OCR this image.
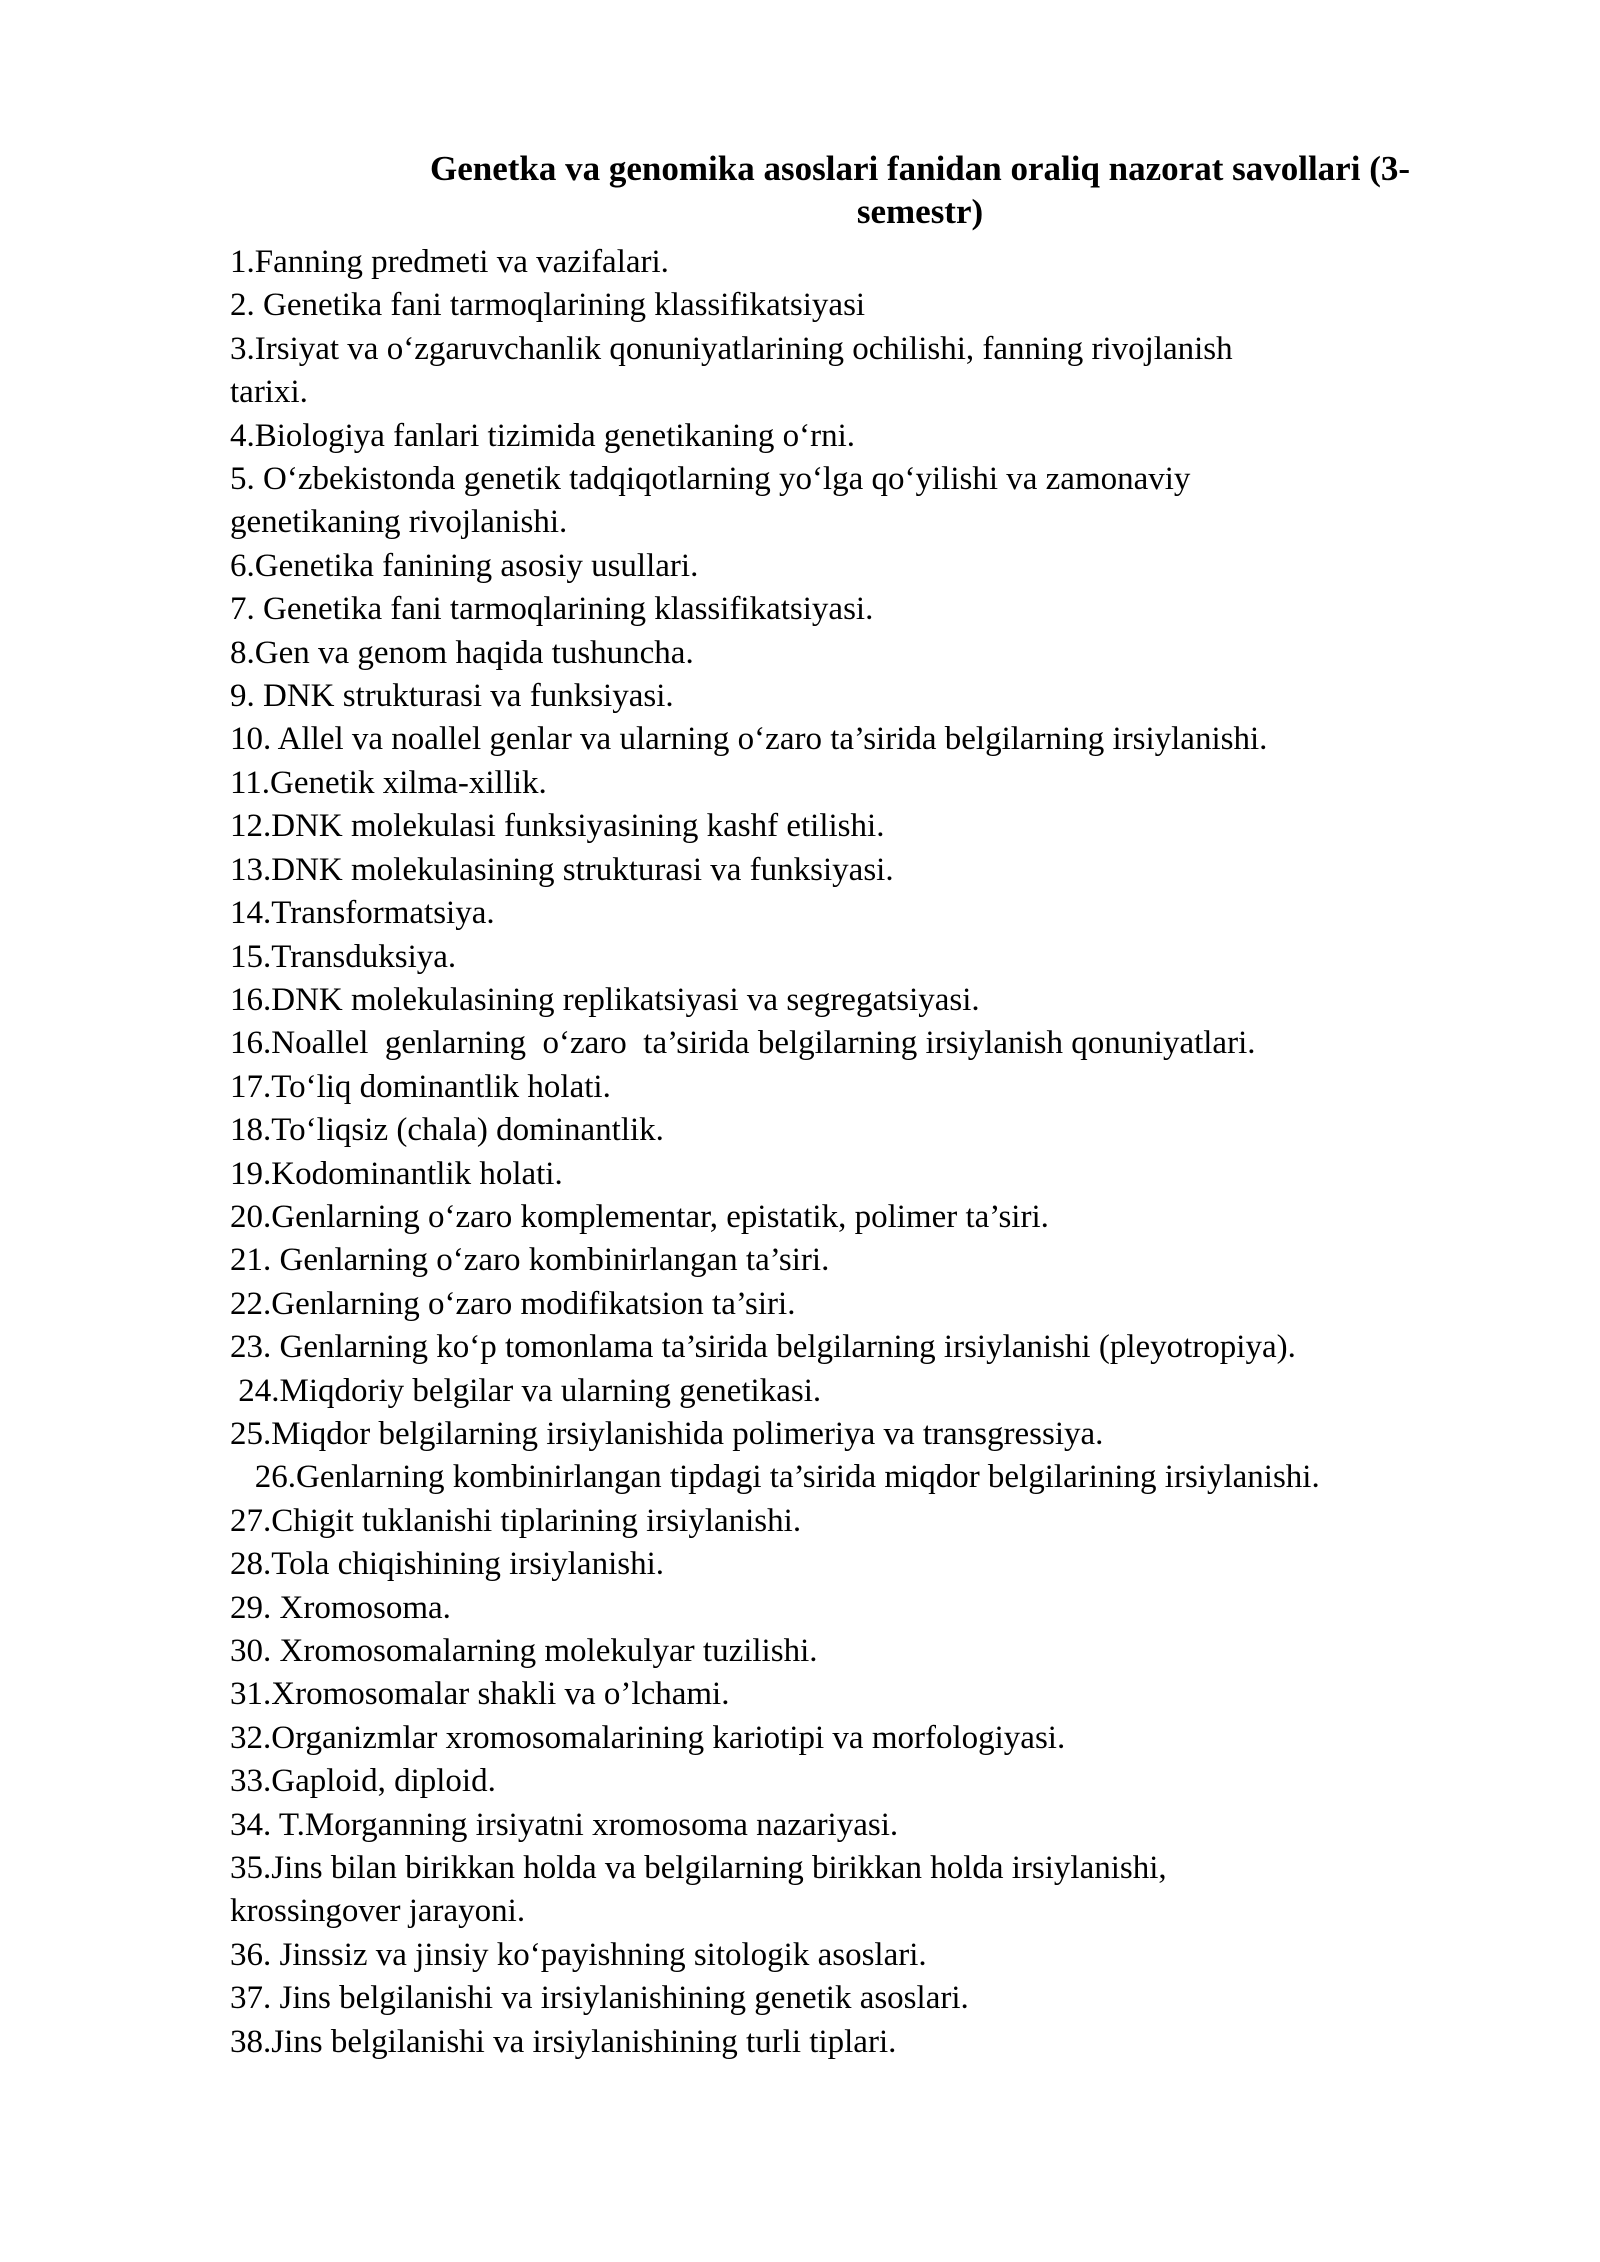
Genetka va genomika asoslari fanidan oraliq nazorat savollari (3-
semestr)
1.Fanning predmeti va vazifalari.
2. Genetika fani tarmoqlarining klassifikatsiyasi
3.Irsiyat va o‘zgaruvchanlik qonuniyatlarining ochilishi, fanning rivojlanish
tarixi.
4.Biologiya fanlari tizimida genetikaning o‘rni.
5. O‘zbekistonda genetik tadqiqotlarning yo‘lga qo‘yilishi va zamonaviy
genetikaning rivojlanishi.
6.Genetika fanining asosiy usullari.
7. Genetika fani tarmoqlarining klassifikatsiyasi.
8.Gen va genom haqida tushuncha.
9. DNK strukturasi va funksiyasi.
10. Allel va noallel genlar va ularning o‘zaro ta’sirida belgilarning irsiylanishi.
11.Genetik xilma-xillik.
12.DNK molekulasi funksiyasining kashf etilishi.
13.DNK molekulasining strukturasi va funksiyasi.
14.Transformatsiya.
15.Transduksiya.
16.DNK molekulasining replikatsiyasi va segregatsiyasi.
16.Noallel  genlarning  o‘zaro  ta’sirida belgilarning irsiylanish qonuniyatlari.
17.To‘liq dominantlik holati.
18.To‘liqsiz (chala) dominantlik.
19.Kodominantlik holati.
20.Genlarning o‘zaro komplementar, epistatik, polimer ta’siri.
21. Genlarning o‘zaro kombinirlangan ta’siri.
22.Genlarning o‘zaro modifikatsion ta’siri.
23. Genlarning ko‘p tomonlama ta’sirida belgilarning irsiylanishi (pleyotropiya).
24.Miqdoriy belgilar va ularning genetikasi.
25.Miqdor belgilarning irsiylanishida polimeriya va transgressiya.
26.Genlarning kombinirlangan tipdagi ta’sirida miqdor belgilarining irsiylanishi.
27.Chigit tuklanishi tiplarining irsiylanishi.
28.Tola chiqishining irsiylanishi.
29. Xromosoma.
30. Xromosomalarning molekulyar tuzilishi.
31.Xromosomalar shakli va o’lchami.
32.Organizmlar xromosomalarining kariotipi va morfologiyasi.
33.Gaploid, diploid.
34. T.Morganning irsiyatni xromosoma nazariyasi.
35.Jins bilan birikkan holda va belgilarning birikkan holda irsiylanishi,
krossingover jarayoni.
36. Jinssiz va jinsiy ko‘payishning sitologik asoslari.
37. Jins belgilanishi va irsiylanishining genetik asoslari.
38.Jins belgilanishi va irsiylanishining turli tiplari.
